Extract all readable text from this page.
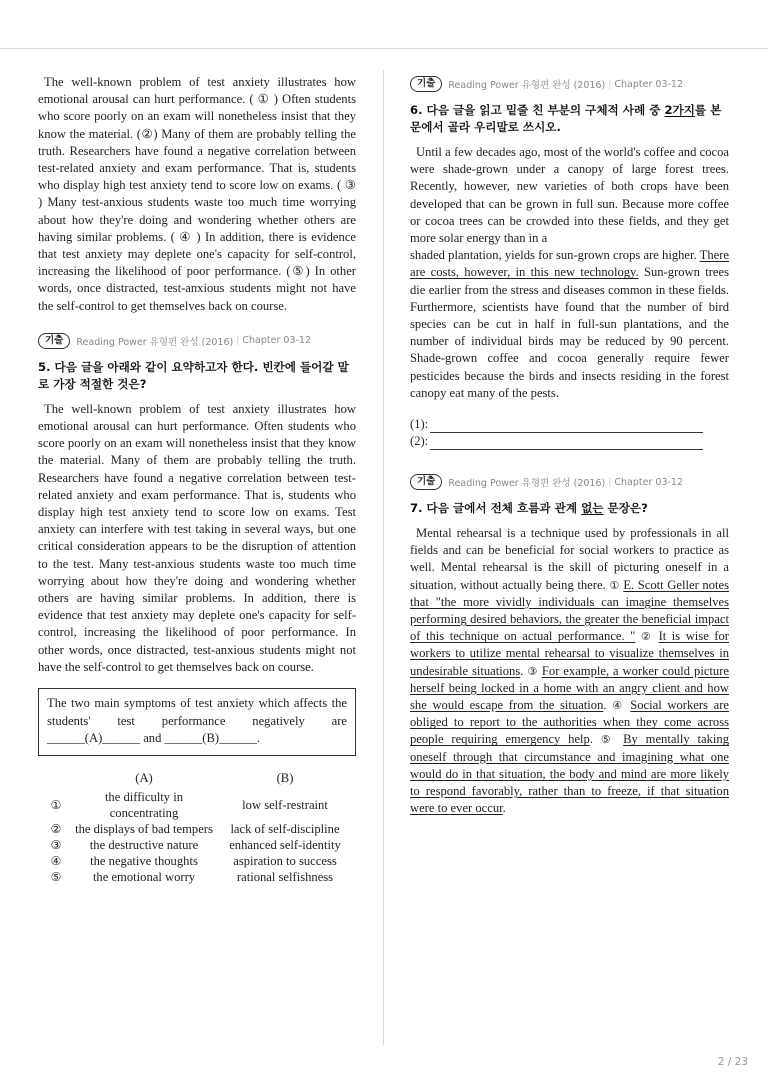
The well-known problem of test anxiety illustrates how emotional arousal can hurt performance. ( ① ) Often students who score poorly on an exam will nonetheless insist that they know the material. (②) Many of them are probably telling the truth. Researchers have found a negative correlation between test-related anxiety and exam performance. That is, students who display high test anxiety tend to score low on exams. ( ③ ) Many test-anxious students waste too much time worrying about how they're doing and wondering whether others are having similar problems. ( ④ ) In addition, there is evidence that test anxiety may deplete one's capacity for self-control, increasing the likelihood of poor performance. (⑤) In other words, once distracted, test-anxious students might not have the self-control to get themselves back on course.

기출	Reading Power 유형편 완성 (2016) | Chapter 03-12
5. 다음 글을 아래와 같이 요약하고자 한다. 빈칸에 들어갈 말로 가장 적절한 것은?

The well-known problem of test anxiety illustrates how emotional arousal can hurt performance. Often students who score poorly on an exam will nonetheless insist that they know the material. Many of them are probably telling the truth. Researchers have found a negative correlation between test-related anxiety and exam performance. That is, students who display high test anxiety tend to score low on exams. Test anxiety can interfere with test taking in several ways, but one critical consideration appears to be the disruption of attention to the test. Many test-anxious students waste too much time worrying about how they're doing and wondering whether others are having similar problems. In addition, there is evidence that test anxiety may deplete one's capacity for self-control, increasing the likelihood of poor performance. In other words, once distracted, test-anxious students might not have the self-control to get themselves back on course.

The two main symptoms of test anxiety which affects the students' test performance negatively are ______(A)______ and ______(B)______.
	(A)	(B)
①	the difficulty in concentrating	low self-restraint
②	the displays of bad tempers	lack of self-discipline
③	the destructive nature	enhanced self-identity
④	the negative thoughts	aspiration to success
⑤	the emotional worry	rational selfishness
기출	Reading Power 유형편 완성 (2016) | Chapter 03-12
6. 다음 글을 읽고 밑줄 친 부분의 구체적 사례 중 2가지를 본문에서 골라 우리말로 쓰시오.

Until a few decades ago, most of the world's coffee and cocoa were shade-grown under a canopy of large forest trees. Recently, however, new varieties of both crops have been developed that can be grown in full sun. Because more coffee or cocoa trees can be crowded into these fields, and they get more solar energy than in a
shaded plantation, yields for sun-grown crops are higher. There are costs, however, in this new technology. Sun-grown trees die earlier from the stress and diseases common in these fields. Furthermore, scientists have found that the number of bird species can be cut in half in full-sun plantations, and the number of individual birds may be reduced by 90 percent. Shade-grown coffee and cocoa generally require fewer pesticides because the birds and insects residing in the forest canopy eat many of the pests.

(1):
(2):
기출	Reading Power 유형편 완성 (2016) | Chapter 03-12
7. 다음 글에서 전체 흐름과 관계 없는 문장은?

Mental rehearsal is a technique used by professionals in all fields and can be beneficial for social workers to practice as well. Mental rehearsal is the skill of picturing oneself in a situation, without actually being there. ① E. Scott Geller notes that "the more vividly individuals can imagine themselves performing desired behaviors, the greater the beneficial impact of this technique on actual performance. " ② It is wise for workers to utilize mental rehearsal to visualize themselves in undesirable situations. ③ For example, a worker could picture herself being locked in a home with an angry client and how she would escape from the situation. ④ Social workers are obliged to report to the authorities when they come across people requiring emergency help. ⑤ By mentally taking oneself through that circumstance and imagining what one would do in that situation, the body and mind are more likely to respond favorably, rather than to freeze, if that situation were to ever occur.

2 / 23
